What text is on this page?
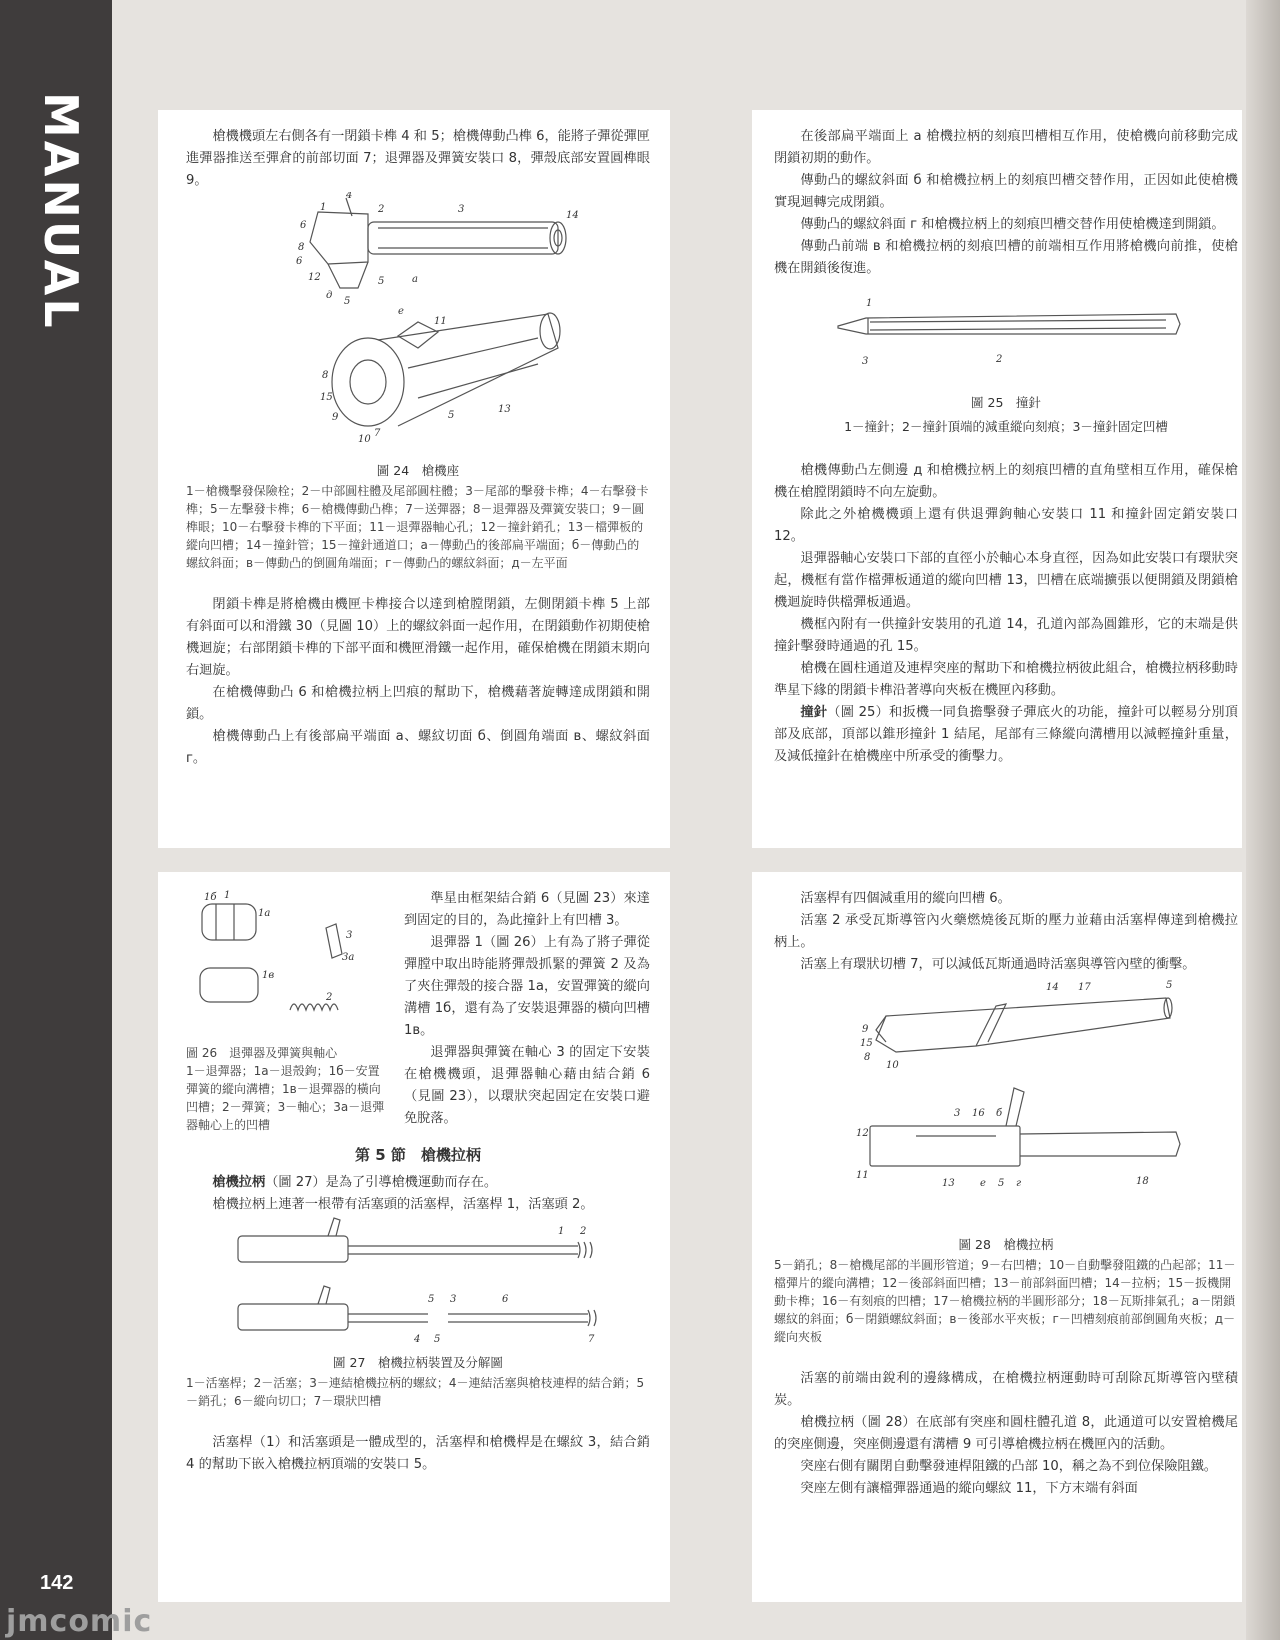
MANUAL
142
jmcomic

槍機機頭左右側各有一閉鎖卡榫 4 和 5；槍機傳動凸榫 6，能將子彈從彈匣進彈器推送至彈倉的前部切面 7；退彈器及彈簧安裝口 8，彈殼底部安置圓榫眼 9。

1	2	3
4
5
6
8
6
12
д
5	a
14
e
11
8
15
9
10
7
5
13

圖 24　槍機座

1－槍機擊發保險栓；2－中部圓柱體及尾部圓柱體；3－尾部的擊發卡榫；4－右擊發卡榫；5－左擊發卡榫；6－槍機傳動凸榫；7－送彈器；8－退彈器及彈簧安裝口；9－圓榫眼；10－右擊發卡榫的下平面；11－退彈器軸心孔；12－撞針銷孔；13－檔彈板的縱向凹槽；14－撞針管；15－撞針通道口；a－傳動凸的後部扁平端面；б－傳動凸的螺紋斜面；в－傳動凸的倒圓角端面；г－傳動凸的螺紋斜面；д－左平面

閉鎖卡榫是將槍機由機匣卡榫接合以達到槍膛閉鎖，左側閉鎖卡榫 5 上部有斜面可以和滑鐵 30（見圖 10）上的螺紋斜面一起作用，在閉鎖動作初期使槍機迴旋；右部閉鎖卡榫的下部平面和機匣滑鐵一起作用，確保槍機在閉鎖末期向右迴旋。

在槍機傳動凸 6 和槍機拉柄上凹痕的幫助下，槍機藉著旋轉達成閉鎖和開鎖。

槍機傳動凸上有後部扁平端面 a、螺紋切面 б、倒圓角端面 в、螺紋斜面 г。

在後部扁平端面上 a 槍機拉柄的刻痕凹槽相互作用，使槍機向前移動完成閉鎖初期的動作。

傳動凸的螺紋斜面 б 和槍機拉柄上的刻痕凹槽交替作用，正因如此使槍機實現迴轉完成閉鎖。

傳動凸的螺紋斜面 г 和槍機拉柄上的刻痕凹槽交替作用使槍機達到開鎖。

傳動凸前端 в 和槍機拉柄的刻痕凹槽的前端相互作用將槍機向前推，使槍機在開鎖後復進。

1
3	2

圖 25　撞針

1－撞針；2－撞針頂端的減重縱向刻痕；3－撞針固定凹槽

槍機傳動凸左側邊 д 和槍機拉柄上的刻痕凹槽的直角壁相互作用，確保槍機在槍膛閉鎖時不向左旋動。

除此之外槍機機頭上還有供退彈鉤軸心安裝口 11 和撞針固定銷安裝口 12。

退彈器軸心安裝口下部的直徑小於軸心本身直徑，因為如此安裝口有環狀突起，機框有當作檔彈板通道的縱向凹槽 13，凹槽在底端擴張以便開鎖及閉鎖槍機迴旋時供檔彈板通過。

機框內附有一供撞針安裝用的孔道 14，孔道內部為圓錐形，它的末端是供撞針擊發時通過的孔 15。

槍機在圓柱通道及連桿突座的幫助下和槍機拉柄彼此組合，槍機拉柄移動時準星下緣的閉鎖卡榫沿著導向夾板在機匣內移動。

撞針（圖 25）和扳機一同負擔擊發子彈底火的功能，撞針可以輕易分別頂部及底部，頂部以錐形撞針 1 結尾，尾部有三條縱向溝槽用以減輕撞針重量，及減低撞針在槍機座中所承受的衝擊力。

1б 1
1a
1в
3
3a
2

圖 26　退彈器及彈簧與軸心

1－退彈器；1a－退殼鉤；1б－安置彈簧的縱向溝槽；1в－退彈器的橫向凹槽；2－彈簧；3－軸心；3a－退彈器軸心上的凹槽

準星由框架結合銷 6（見圖 23）來達到固定的目的，為此撞針上有凹槽 3。

退彈器 1（圖 26）上有為了將子彈從彈膛中取出時能將彈殼抓緊的彈簧 2 及為了夾住彈殼的接合器 1a，安置彈簧的縱向溝槽 1б，還有為了安裝退彈器的橫向凹槽 1в。

退彈器與彈簧在軸心 3 的固定下安裝在槍機機頭，退彈器軸心藉由結合銷 6（見圖 23），以環狀突起固定在安裝口避免脫落。

第 5 節　槍機拉柄

槍機拉柄（圖 27）是為了引導槍機運動而存在。

槍機拉柄上連著一根帶有活塞頭的活塞桿，活塞桿 1，活塞頭 2。

1 2
5 3	6
4 5	7

圖 27　槍機拉柄裝置及分解圖

1－活塞桿；2－活塞；3－連結槍機拉柄的螺紋；4－連結活塞與槍枝連桿的結合銷；5－銷孔；6－縱向切口；7－環狀凹槽

活塞桿（1）和活塞頭是一體成型的，活塞桿和槍機桿是在螺紋 3，結合銷 4 的幫助下嵌入槍機拉柄頂端的安裝口 5。

活塞桿有四個減重用的縱向凹槽 6。

活塞 2 承受瓦斯導管內火藥燃燒後瓦斯的壓力並藉由活塞桿傳達到槍機拉柄上。

活塞上有環狀切槽 7，可以減低瓦斯通過時活塞與導管內壁的衝擊。

14 17	5
9
15
8
10
3 16 б
12
11
13	е 5 г	18

圖 28　槍機拉柄

5－銷孔；8－槍機尾部的半圓形管道；9－右凹槽；10－自動擊發阻鐵的凸起部；11－檔彈片的縱向溝槽；12－後部斜面凹槽；13－前部斜面凹槽；14－拉柄；15－扳機開動卡榫；16－有刻痕的凹槽；17－槍機拉柄的半圓形部分；18－瓦斯排氣孔；a－閉鎖螺紋的斜面；б－閉鎖螺紋斜面；в－後部水平夾板；г－凹槽刻痕前部倒圓角夾板；д－縱向夾板

活塞的前端由銳利的邊緣構成，在槍機拉柄運動時可刮除瓦斯導管內壁積炭。

槍機拉柄（圖 28）在底部有突座和圓柱體孔道 8，此通道可以安置槍機尾的突座側邊，突座側邊還有溝槽 9 可引導槍機拉柄在機匣內的活動。

突座右側有關閉自動擊發連桿阻鐵的凸部 10，稱之為不到位保險阻鐵。

突座左側有讓檔彈器通過的縱向螺紋 11，下方末端有斜面
